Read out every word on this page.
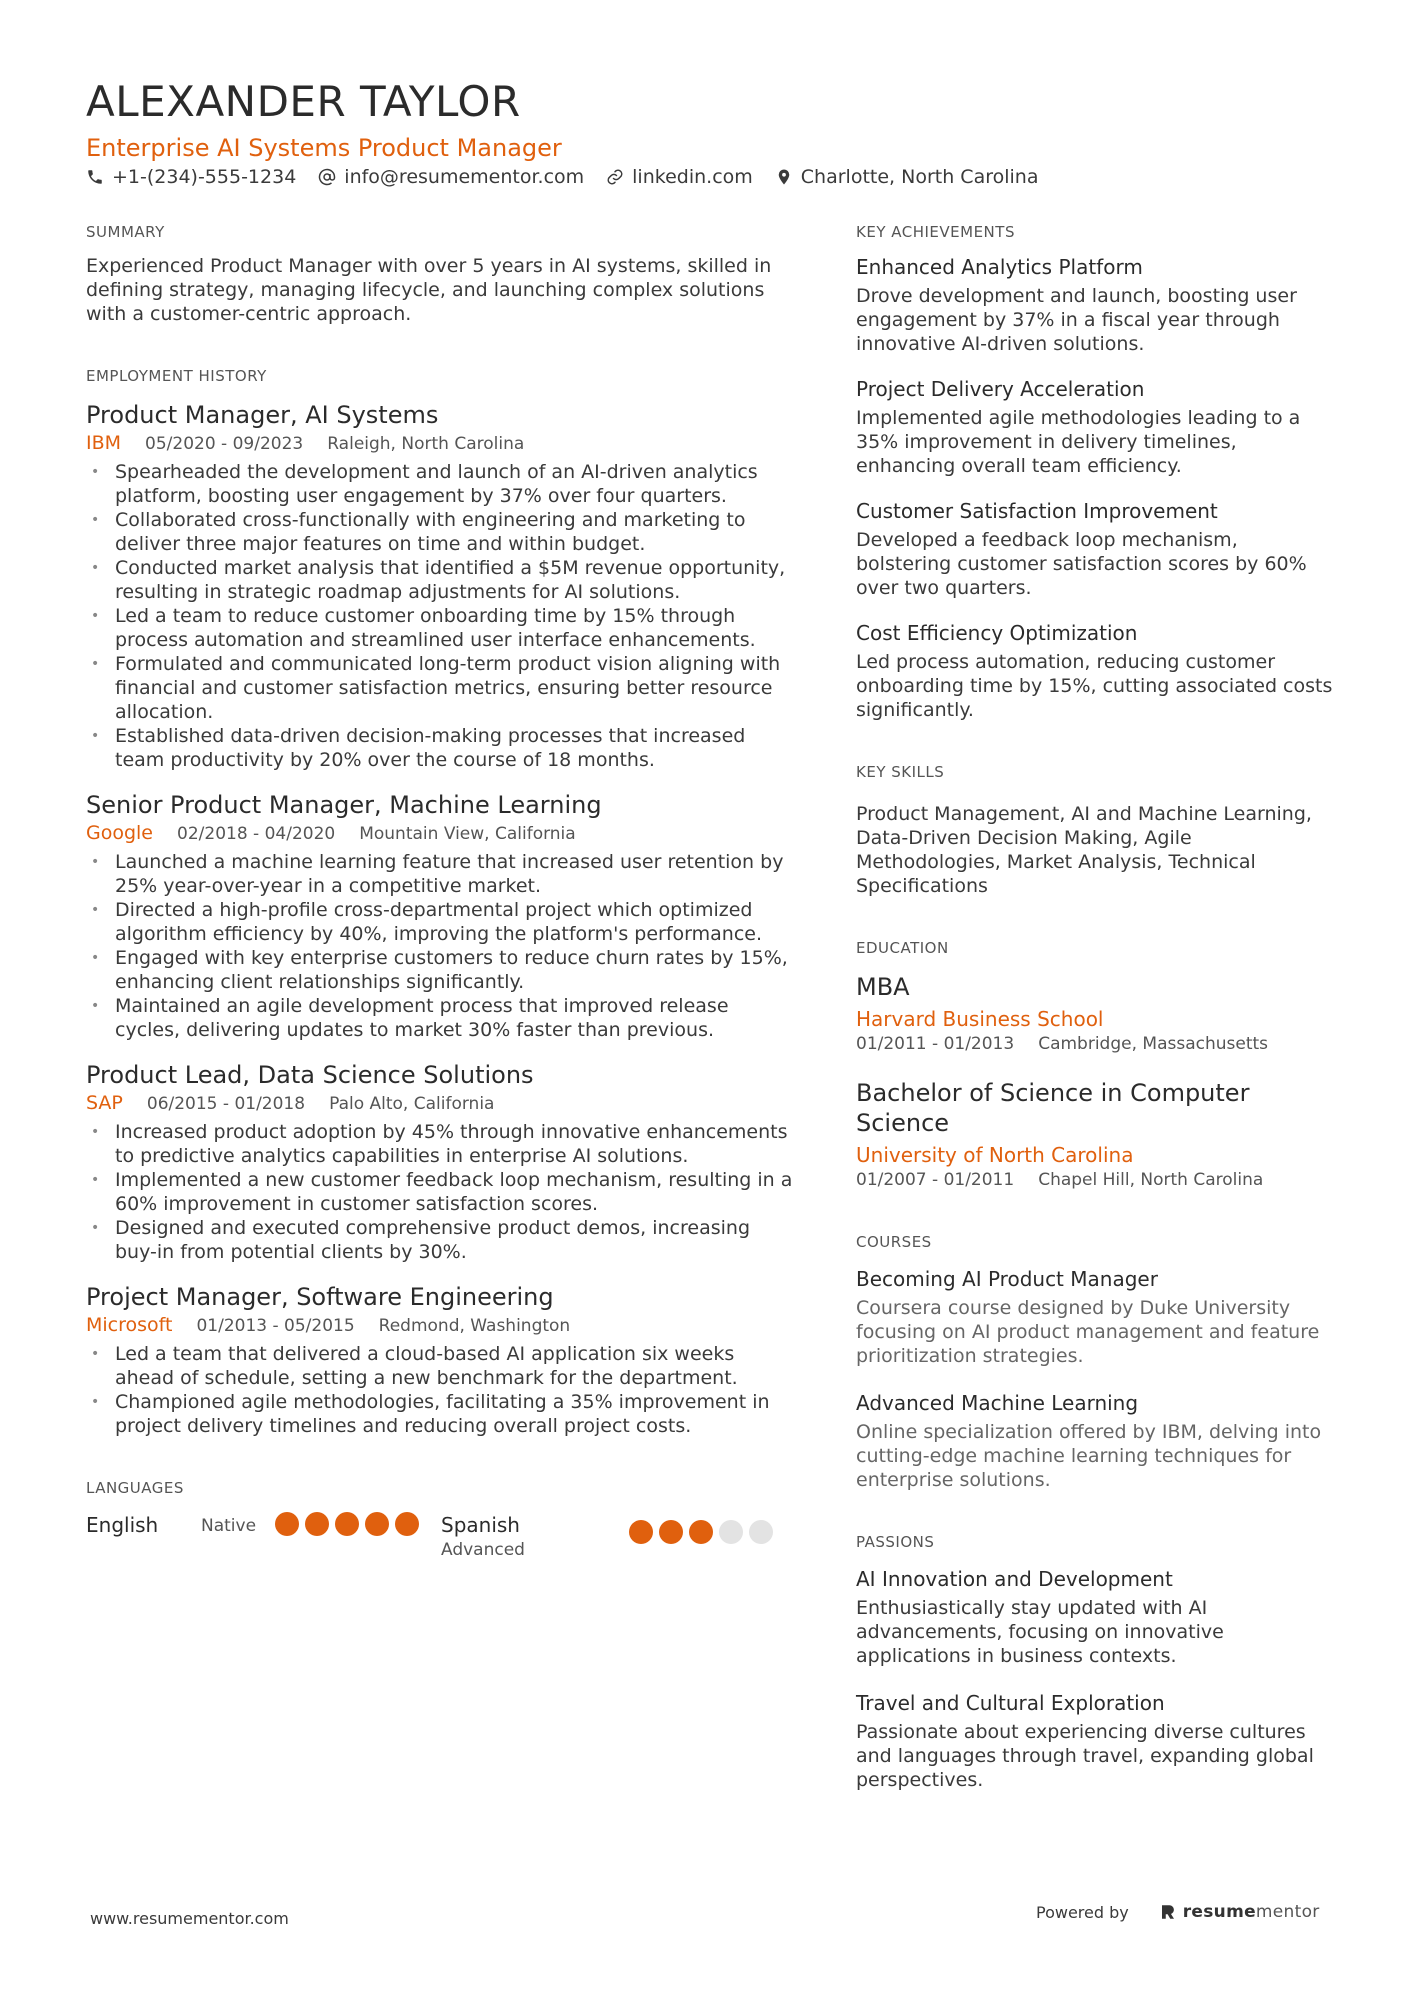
ALEXANDER TAYLOR
Enterprise AI Systems Product Manager
+1-(234)-555-1234	info@resumementor.com	linkedin.com	Charlotte, North Carolina
SUMMARY

Experienced Product Manager with over 5 years in AI systems, skilled in defining strategy, managing lifecycle, and launching complex solutions with a customer-centric approach.

EMPLOYMENT HISTORY
Product Manager, AI Systems
IBM 05/2020 - 09/2023 Raleigh, North Carolina
• Spearheaded the development and launch of an AI-driven analytics platform, boosting user engagement by 37% over four quarters.
• Collaborated cross-functionally with engineering and marketing to deliver three major features on time and within budget.
• Conducted market analysis that identified a $5M revenue opportunity, resulting in strategic roadmap adjustments for AI solutions.
• Led a team to reduce customer onboarding time by 15% through process automation and streamlined user interface enhancements.
• Formulated and communicated long-term product vision aligning with financial and customer satisfaction metrics, ensuring better resource allocation.
• Established data-driven decision-making processes that increased team productivity by 20% over the course of 18 months.
Senior Product Manager, Machine Learning
Google 02/2018 - 04/2020 Mountain View, California
• Launched a machine learning feature that increased user retention by 25% year-over-year in a competitive market.
• Directed a high-profile cross-departmental project which optimized algorithm efficiency by 40%, improving the platform's performance.
• Engaged with key enterprise customers to reduce churn rates by 15%, enhancing client relationships significantly.
• Maintained an agile development process that improved release cycles, delivering updates to market 30% faster than previous.
Product Lead, Data Science Solutions
SAP 06/2015 - 01/2018 Palo Alto, California
• Increased product adoption by 45% through innovative enhancements to predictive analytics capabilities in enterprise AI solutions.
• Implemented a new customer feedback loop mechanism, resulting in a 60% improvement in customer satisfaction scores.
• Designed and executed comprehensive product demos, increasing buy-in from potential clients by 30%.
Project Manager, Software Engineering
Microsoft 01/2013 - 05/2015 Redmond, Washington
• Led a team that delivered a cloud-based AI application six weeks ahead of schedule, setting a new benchmark for the department.
• Championed agile methodologies, facilitating a 35% improvement in project delivery timelines and reducing overall project costs.
LANGUAGES
English	Native	Spanish
Advanced
KEY ACHIEVEMENTS
Enhanced Analytics Platform
Drove development and launch, boosting user engagement by 37% in a fiscal year through innovative AI-driven solutions.
Project Delivery Acceleration
Implemented agile methodologies leading to a 35% improvement in delivery timelines, enhancing overall team efficiency.
Customer Satisfaction Improvement
Developed a feedback loop mechanism, bolstering customer satisfaction scores by 60% over two quarters.
Cost Efficiency Optimization
Led process automation, reducing customer onboarding time by 15%, cutting associated costs significantly.
KEY SKILLS

Product Management, AI and Machine Learning, Data-Driven Decision Making, Agile Methodologies, Market Analysis, Technical Specifications

EDUCATION
MBA
Harvard Business School
01/2011 - 01/2013 Cambridge, Massachusetts
Bachelor of Science in Computer Science
University of North Carolina
01/2007 - 01/2011 Chapel Hill, North Carolina
COURSES
Becoming AI Product Manager
Coursera course designed by Duke University focusing on AI product management and feature prioritization strategies.
Advanced Machine Learning
Online specialization offered by IBM, delving into cutting-edge machine learning techniques for enterprise solutions.
PASSIONS
AI Innovation and Development
Enthusiastically stay updated with AI advancements, focusing on innovative applications in business contexts.
Travel and Cultural Exploration
Passionate about experiencing diverse cultures and languages through travel, expanding global perspectives.
www.resumementor.com	Powered by	resumementor
